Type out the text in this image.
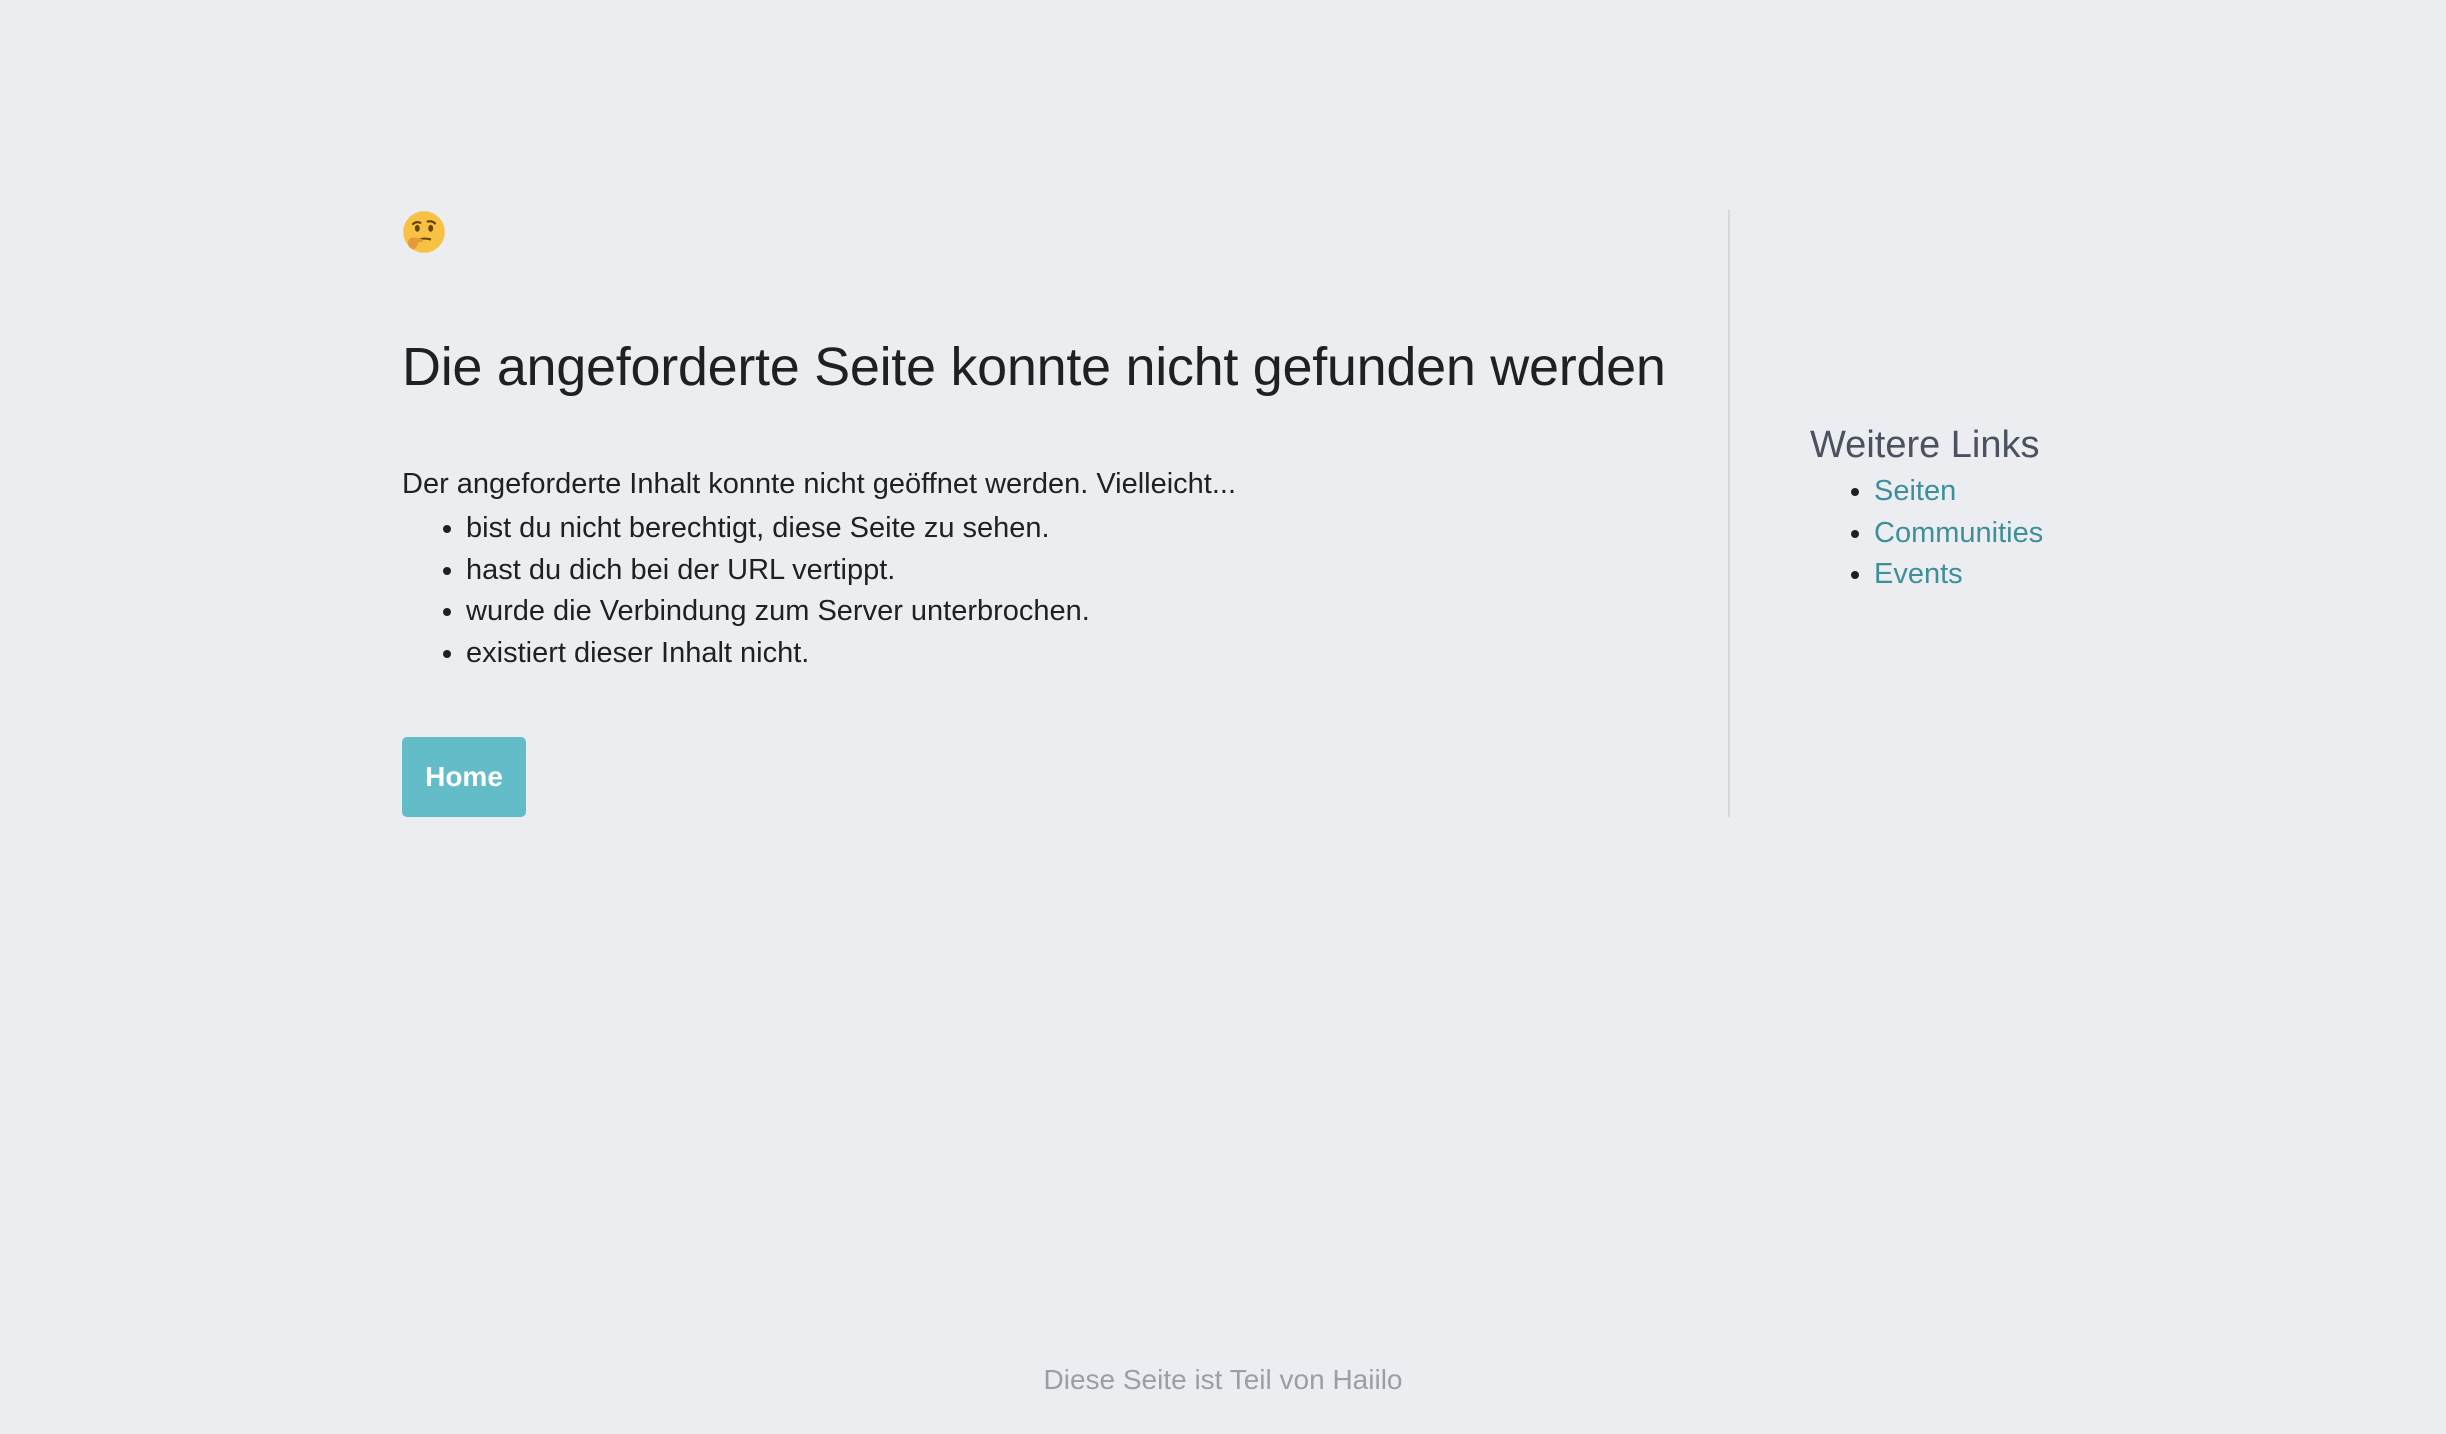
Die angeforderte Seite konnte nicht gefunden werden
Der angeforderte Inhalt konnte nicht geöffnet werden. Vielleicht...
• bist du nicht berechtigt, diese Seite zu sehen.
• hast du dich bei der URL vertippt.
• wurde die Verbindung zum Server unterbrochen.
• existiert dieser Inhalt nicht.
Home
Weitere Links
• Seiten
• Communities
• Events
Diese Seite ist Teil von Haiilo
